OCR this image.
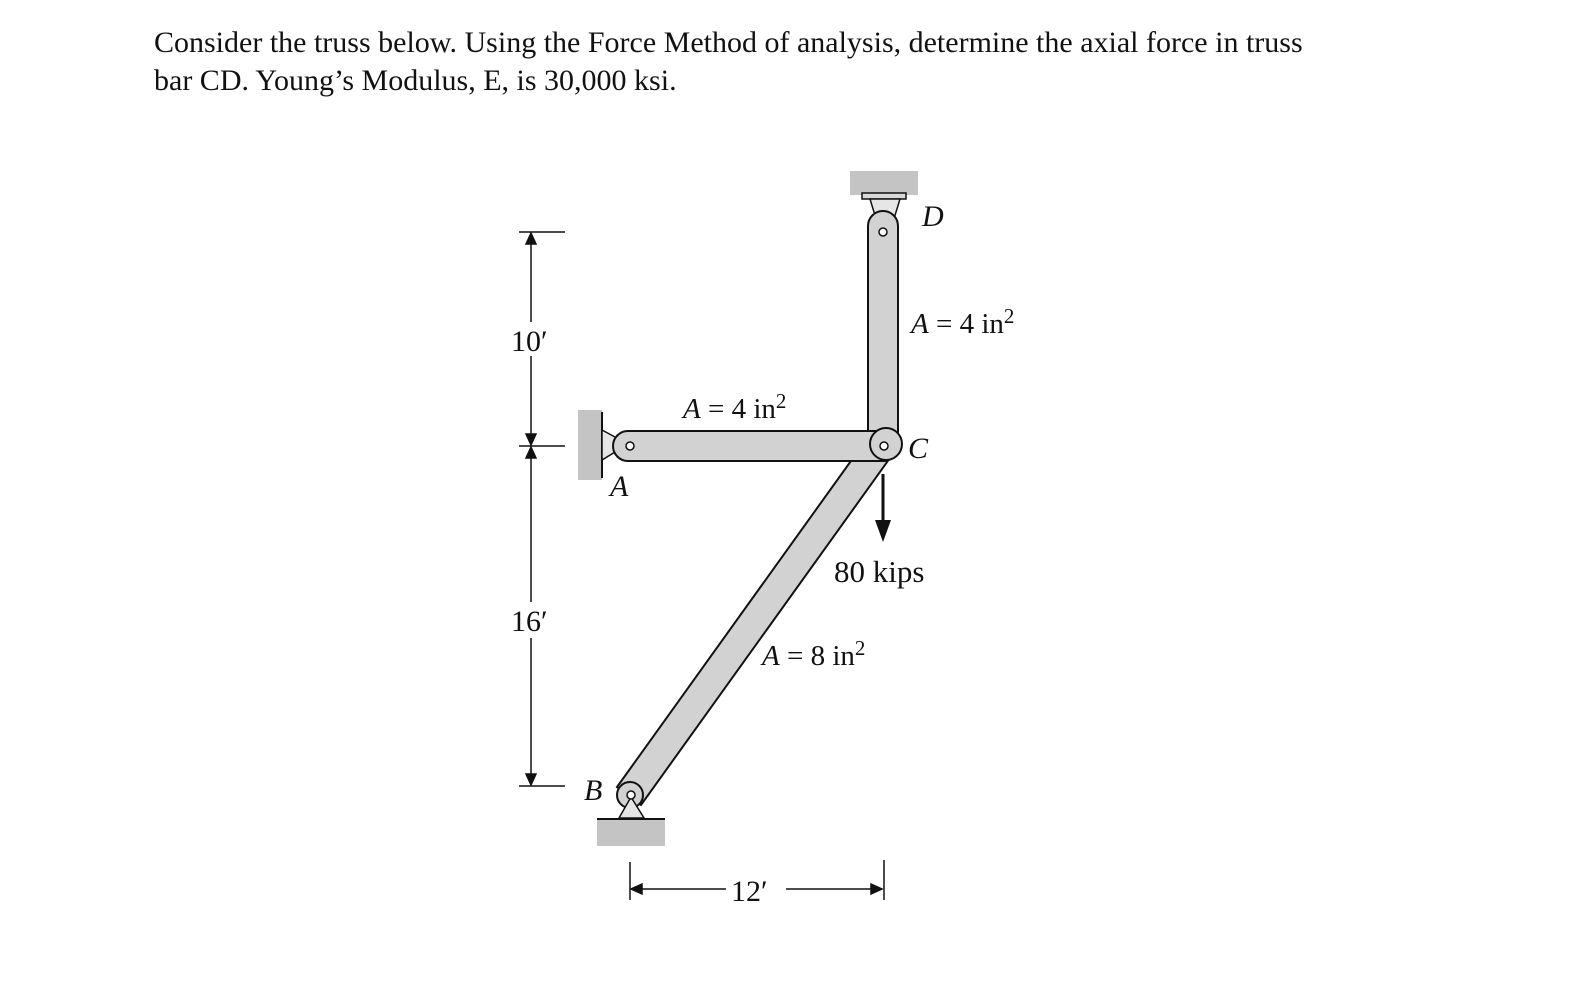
Consider the truss below. Using the Force Method of analysis, determine the axial force in truss
bar CD. Young’s Modulus, E, is 30,000 ksi.

D
C
A
B
A = 4 $in^2$
A = 4 $in^2$
A = 8 $in^2$
80 kips
10′
16′
12′
